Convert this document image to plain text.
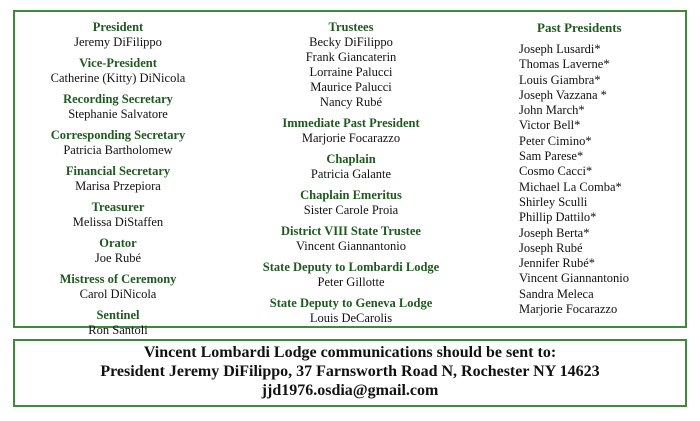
President
Jeremy DiFilippo
Vice-President
Catherine (Kitty) DiNicola
Recording Secretary
Stephanie Salvatore
Corresponding Secretary
Patricia Bartholomew
Financial Secretary
Marisa Przepiora
Treasurer
Melissa DiStaffen
Orator
Joe Rubé
Mistress of Ceremony
Carol DiNicola
Sentinel
Ron Santoli
Trustees
Becky DiFilippo
Frank Giancaterin
Lorraine Palucci
Maurice Palucci
Nancy Rubé
Immediate Past President
Marjorie Focarazzo
Chaplain
Patricia Galante
Chaplain Emeritus
Sister Carole Proia
District VIII State Trustee
Vincent Giannantonio
State Deputy to Lombardi Lodge
Peter Gillotte
State Deputy to Geneva Lodge
Louis DeCarolis
Past Presidents
Joseph Lusardi*
Thomas Laverne*
Louis Giambra*
Joseph Vazzana *
John March*
Victor Bell*
Peter Cimino*
Sam Parese*
Cosmo Cacci*
Michael La Comba*
Shirley Sculli
Phillip Dattilo*
Joseph Berta*
Joseph Rubé
Jennifer Rubé*
Vincent Giannantonio
Sandra Meleca
Marjorie Focarazzo
Vincent Lombardi Lodge communications should be sent to:
President Jeremy DiFilippo, 37 Farnsworth Road N, Rochester NY 14623
jjd1976.osdia@gmail.com
